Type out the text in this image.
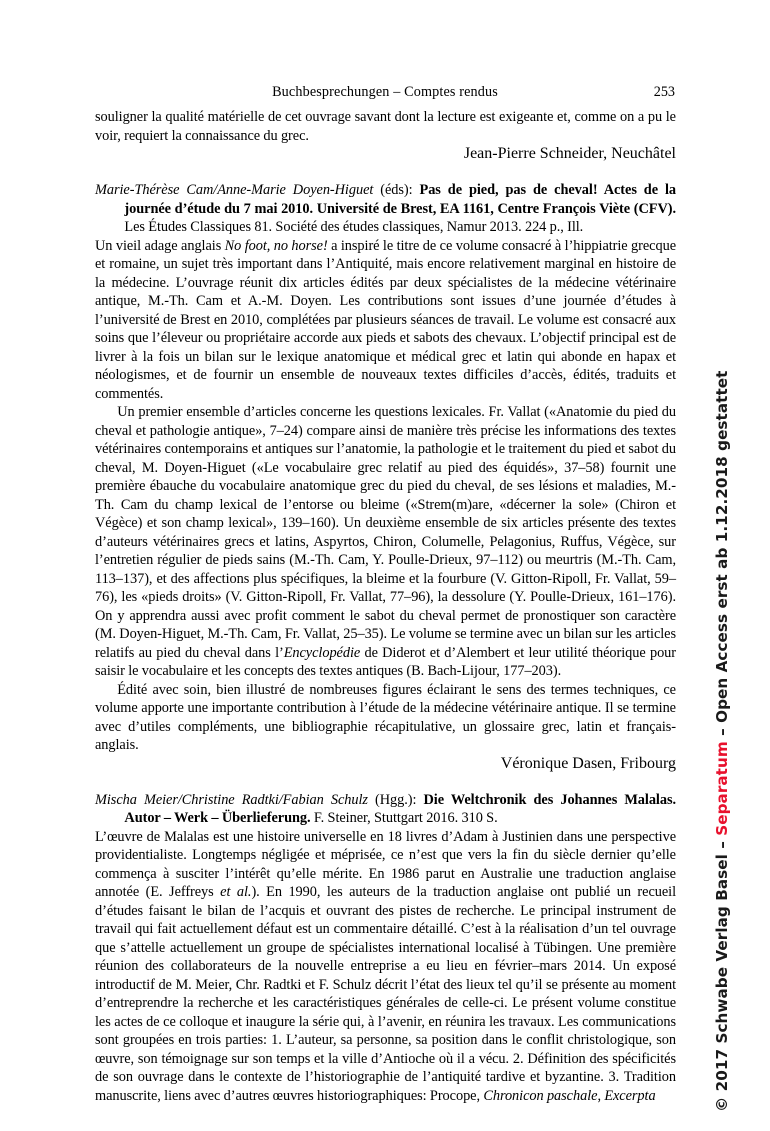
Buchbesprechungen – Comptes rendus	253

souligner la qualité matérielle de cet ouvrage savant dont la lecture est exigeante et, comme on a pu le voir, requiert la connaissance du grec.

Jean-Pierre Schneider, Neuchâtel

Marie-Thérèse Cam/Anne-Marie Doyen-Higuet (éds): Pas de pied, pas de cheval! Actes de la journée d’étude du 7 mai 2010. Université de Brest, EA 1161, Centre François Viète (CFV). Les Études Classiques 81. Société des études classiques, Namur 2013. 224 p., Ill.

Un vieil adage anglais No foot, no horse! a inspiré le titre de ce volume consacré à l’hippiatrie grecque et romaine, un sujet très important dans l’Antiquité, mais encore relativement marginal en histoire de la médecine. L’ouvrage réunit dix articles édités par deux spécialistes de la médecine vétérinaire antique, M.-Th. Cam et A.-M. Doyen. Les contributions sont issues d’une journée d’études à l’université de Brest en 2010, complétées par plusieurs séances de travail. Le volume est consacré aux soins que l’éleveur ou propriétaire accorde aux pieds et sabots des chevaux. L’objectif principal est de livrer à la fois un bilan sur le lexique anatomique et médical grec et latin qui abonde en hapax et néologismes, et de fournir un ensemble de nouveaux textes difficiles d’accès, édités, traduits et commentés.

Un premier ensemble d’articles concerne les questions lexicales. Fr. Vallat («Anatomie du pied du cheval et pathologie antique», 7–24) compare ainsi de manière très précise les informations des textes vétérinaires contemporains et antiques sur l’anatomie, la pathologie et le traitement du pied et sabot du cheval, M. Doyen-Higuet («Le vocabulaire grec relatif au pied des équidés», 37–58) fournit une première ébauche du vocabulaire anatomique grec du pied du cheval, de ses lésions et maladies, M.-Th. Cam du champ lexical de l’entorse ou bleime («Strem(m)are, «décerner la sole» (Chiron et Végèce) et son champ lexical», 139–160). Un deuxième ensemble de six articles présente des textes d’auteurs vétérinaires grecs et latins, Aspyrtos, Chiron, Columelle, Pelagonius, Ruffus, Végèce, sur l’entretien régulier de pieds sains (M.-Th. Cam, Y. Poulle-Drieux, 97–112) ou meurtris (M.-Th. Cam, 113–137), et des affections plus spécifiques, la bleime et la fourbure (V. Gitton-Ripoll, Fr. Vallat, 59–76), les «pieds droits» (V. Gitton-Ripoll, Fr. Vallat, 77–96), la dessolure (Y. Poulle-Drieux, 161–176). On y apprendra aussi avec profit comment le sabot du cheval permet de pronostiquer son caractère (M. Doyen-Higuet, M.-Th. Cam, Fr. Vallat, 25–35). Le volume se termine avec un bilan sur les articles relatifs au pied du cheval dans l’Encyclopédie de Diderot et d’Alembert et leur utilité théorique pour saisir le vocabulaire et les concepts des textes antiques (B. Bach-Lijour, 177–203).

Édité avec soin, bien illustré de nombreuses figures éclairant le sens des termes techniques, ce volume apporte une importante contribution à l’étude de la médecine vétérinaire antique. Il se termine avec d’utiles compléments, une bibliographie récapitulative, un glossaire grec, latin et français-anglais.

Véronique Dasen, Fribourg

Mischa Meier/Christine Radtki/Fabian Schulz (Hgg.): Die Weltchronik des Johannes Malalas. Autor – Werk – Überlieferung. F. Steiner, Stuttgart 2016. 310 S.

L’œuvre de Malalas est une histoire universelle en 18 livres d’Adam à Justinien dans une perspective providentialiste. Longtemps négligée et méprisée, ce n’est que vers la fin du siècle dernier qu’elle commença à susciter l’intérêt qu’elle mérite. En 1986 parut en Australie une traduction anglaise annotée (E. Jeffreys et al.). En 1990, les auteurs de la traduction anglaise ont publié un recueil d’études faisant le bilan de l’acquis et ouvrant des pistes de recherche. Le principal instrument de travail qui fait actuellement défaut est un commentaire détaillé. C’est à la réalisation d’un tel ouvrage que s’attelle actuellement un groupe de spécialistes international localisé à Tübingen. Une première réunion des collaborateurs de la nouvelle entreprise a eu lieu en février–mars 2014. Un exposé introductif de M. Meier, Chr. Radtki et F. Schulz décrit l’état des lieux tel qu’il se présente au moment d’entreprendre la recherche et les caractéristiques générales de celle-ci. Le présent volume constitue les actes de ce colloque et inaugure la série qui, à l’avenir, en réunira les travaux. Les communications sont groupées en trois parties: 1. L’auteur, sa personne, sa position dans le conflit christologique, son œuvre, son témoignage sur son temps et la ville d’Antioche où il a vécu. 2. Définition des spécificités de son ouvrage dans le contexte de l’historiographie de l’antiquité tardive et byzantine. 3. Tradition manuscrite, liens avec d’autres œuvres historiographiques: Procope, Chronicon paschale, Excerpta	© 2017 Schwabe Verlag Basel – Separatum – Open Access erst ab 1.12.2018 gestattet
